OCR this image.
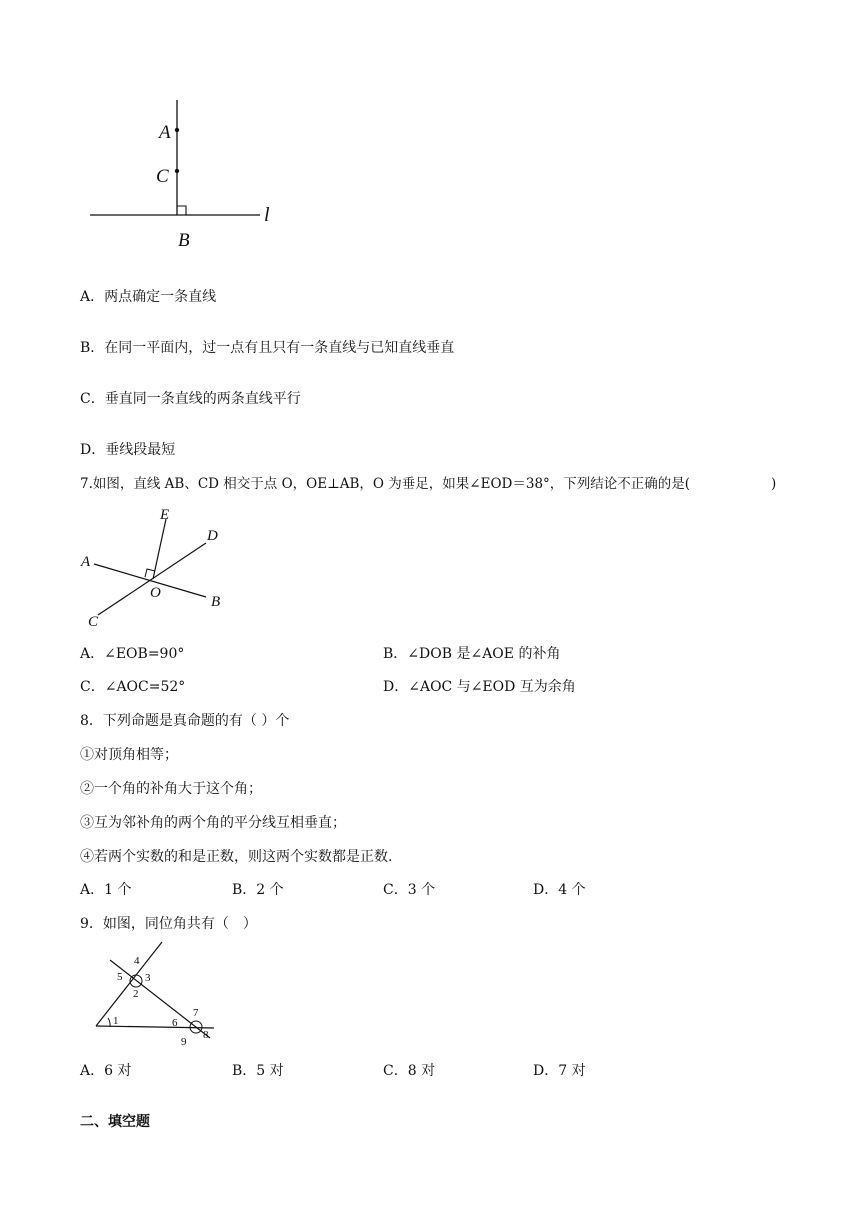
A
C
B
l
A．两点确定一条直线
B．在同一平面内，过一点有且只有一条直线与已知直线垂直
C．垂直同一条直线的两条直线平行
D．垂线段最短
7.如图，直线 AB、CD 相交于点 O，OE⊥AB，O 为垂足，如果∠EOD＝38°，下列结论不正确的是(　　　　　　)
E
D
A
O
B
C
A．∠EOB=90°	B．∠DOB 是∠AOE 的补角
C．∠AOC=52°	D．∠AOC 与∠EOD 互为余角
8．下列命题是真命题的有（ ）个
①对顶角相等；
②一个角的补角大于这个角；
③互为邻补角的两个角的平分线互相垂直；
④若两个实数的和是正数，则这两个实数都是正数.
A．1 个	B．2 个	C．3 个	D．4 个
9．如图，同位角共有（　）
1
2
3
4
5
6
7
8
9
A．6 对	B．5 对	C．8 对	D．7 对
二、填空题
